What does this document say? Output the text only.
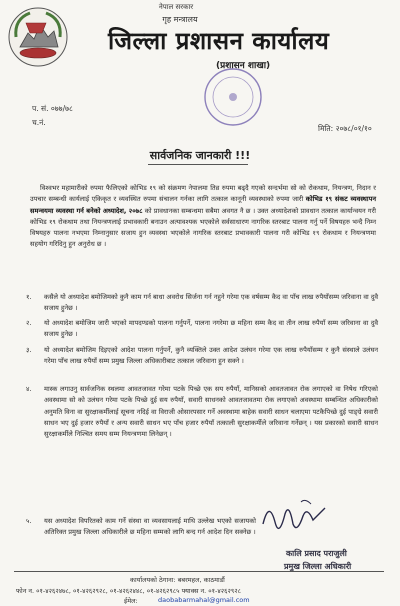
नेपाल सरकार
गृह मन्त्रालय
जिल्ला प्रशासन कार्यालय
(प्रशासन शाखा)
प. सं. ०७७/७८
च.नं.
मिति: २०७८/०१/१०
सार्वजनिक जानकारी !!!
विश्वभर महामारीको रुपमा फैलिएको कोभिड १९ को संक्रमण नेपालमा तिव्र रुपमा बढ्दै गएको सन्दर्भमा सो को रोकथाम, नियन्त्रण, निदान र उपचार सम्बन्धी कार्यलाई एकिकृत र व्यवस्थित रुपमा संचालन गर्नका लागि तत्काल कानूनी व्यवस्थाको रुपमा जारी कोभिड १९ संकट व्यवस्थापन समन्वयमा व्यवस्था गर्न बनेको अध्यादेश, २०७८ को प्रावधानका सम्बन्धमा सबैमा अवगत नै छ । उक्त अध्यादेशको प्रावधान तत्काल कार्यान्वयन गरी कोभिड १९ रोकथाम तथा नियन्त्रणलाई प्रभावकारी बनाउन अत्यावश्यक भएकोले सर्वसाधारण नागरिक स्तरबाट पालना गर्नु पर्ने विषयहरु भन्दै निम्न विषयहरु पालना नभएमा निम्नानुसार सजाय हुन व्यवस्था भएकोले नागरिक स्तरबाट प्रभावकारी पालना गरी कोभिड १९ रोकथाम र नियन्त्रणमा सहयोग गरिदिनु हुन अनुरोध छ ।
१.	कसैले यो अध्यादेश बमोजिमको कुनै काम गर्न बाधा अवरोध सिर्जना गर्न नहुने गरेमा एक वर्षसम्म कैद वा पाँच लाख रुपैयाँसम्म जरिवाना वा दुवै सजाय हुनेछ ।
२.	यो अध्यादेश बमोजिम जारी भएको मापदण्डको पालना गर्नुपर्ने, पालना नगरेमा छ महिना सम्म कैद वा तीन लाख रुपैयाँ सम्म जरिवाना वा दुवै सजाय हुनेछ ।
३.	यो अध्यादेश बमोजिम दिइएको आदेश पालना गर्नुपर्ने, कुनै व्यक्तिले उक्त आदेश उलंघन गरेमा एक लाख रुपैयाँसम्म र कुनै संस्थाले उलंघन गरेमा पाँच लाख रुपैयाँ सम्म प्रमुख जिल्ला अधिकारीबाट तत्काल जरिवाना हुन सक्ने ।
४.	मास्क लगाउनु सार्वजनिक स्थलमा आवतजावत गरेमा पटके पिच्छे एक सय रुपैयाँ, मानिसको आवतजावत रोक लगाएको वा निषेध गरिएको अवस्थामा सो को उलंघन गरेमा पटके पिच्छे दुई सय रुपैयाँ, सवारी साधनको आवतजावतमा रोक लगाएको अवस्थामा सम्बन्धित अधिकारीको अनुमति विना वा सुरक्षाकर्मीलाई सूचना नदिई वा विराजी ओसारपसार गर्ने अवस्थामा बाहेक सवारी साधन चलाएमा पटकैपिच्छे दुई पाङ्ग्रे सवारी साधन भए दुई हजार रुपैयाँ र अन्य सवारी साधन भए पाँच हजार रुपैयाँ तत्काली सुरक्षाकर्मीले जरिवाना गर्नेछन् । यस प्रकारको सवारी साधन सुरक्षाकर्मीले निश्चित समय सम्म नियन्त्रणमा लिनेछन् ।
५.	यस अध्यादेश विपरितको काम गर्ने संस्था वा व्यवसायलाई माथि उल्लेख भएको सजायको अतिरिक्त प्रमुख जिल्ला अधिकारीले छ महिना सम्मको लागि बन्द गर्न आदेश दिन सक्नेछ ।
कालि प्रसाद पराजुली
प्रमुख जिल्ला अधिकारी
कार्यालयको ठेगाना: बबरमहल, काठमाडौं
फोन न. ०१-४२६२४७८, ०१-४२६२९२८, ०१-४२६२४४८, ०१-४२६२९८५ फ्याक्स न. ०१-४२६२९२८
ईमेल:	daobabarmahal@gmail.com
